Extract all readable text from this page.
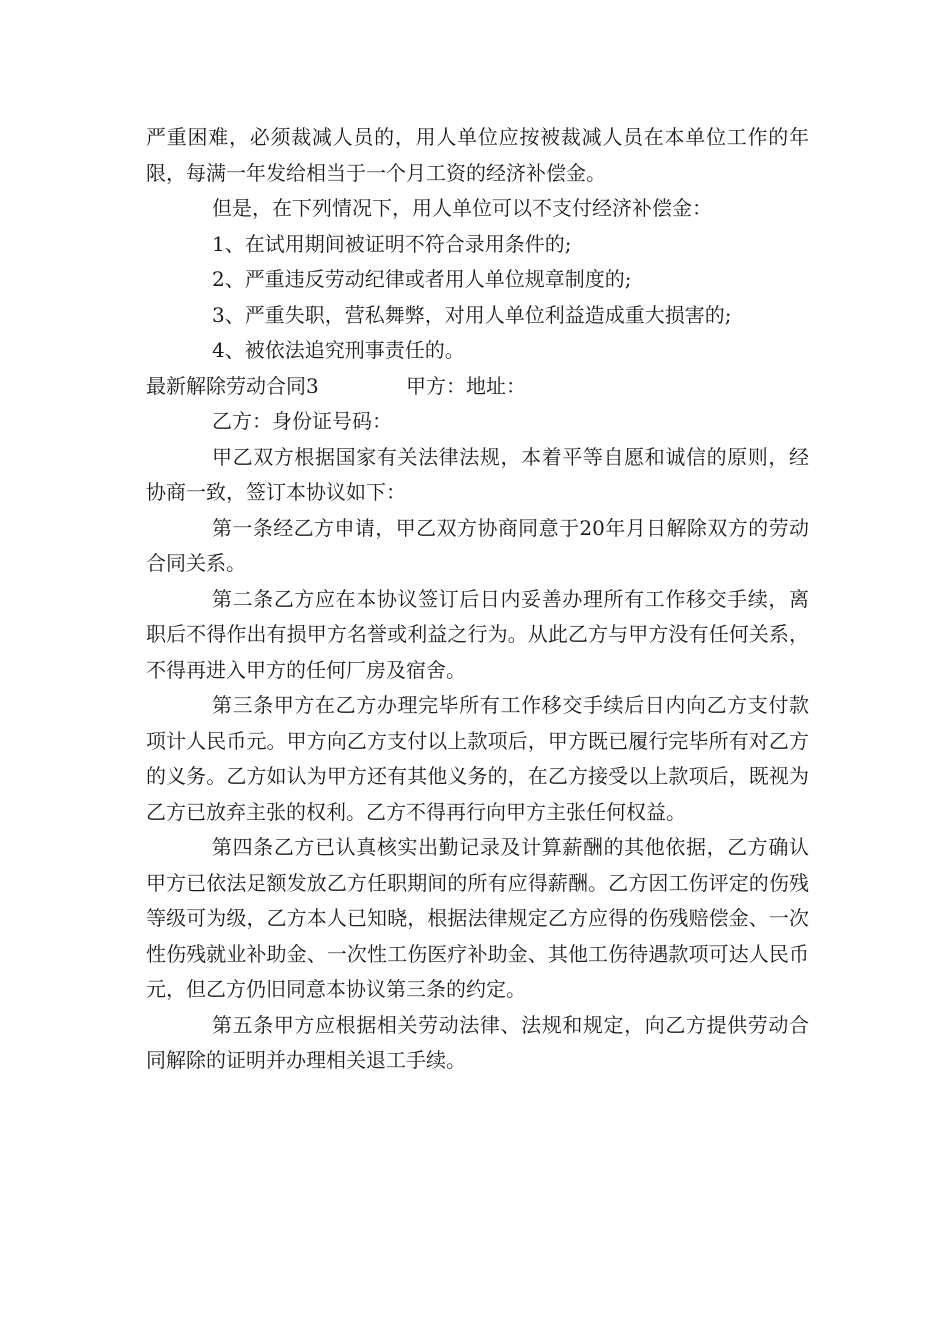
严重困难，必须裁减人员的，用人单位应按被裁减人员在本单位工作的年限，每满一年发给相当于一个月工资的经济补偿金。

但是，在下列情况下，用人单位可以不支付经济补偿金：

1、在试用期间被证明不符合录用条件的;

2、严重违反劳动纪律或者用人单位规章制度的;

3、严重失职，营私舞弊，对用人单位利益造成重大损害的;

4、被依法追究刑事责任的。

最新解除劳动合同3	甲方：地址：

乙方：身份证号码：

甲乙双方根据国家有关法律法规，本着平等自愿和诚信的原则，经协商一致，签订本协议如下：

第一条经乙方申请，甲乙双方协商同意于20年月日解除双方的劳动合同关系。

第二条乙方应在本协议签订后日内妥善办理所有工作移交手续，离职后不得作出有损甲方名誉或利益之行为。从此乙方与甲方没有任何关系，不得再进入甲方的任何厂房及宿舍。

第三条甲方在乙方办理完毕所有工作移交手续后日内向乙方支付款项计人民币元。甲方向乙方支付以上款项后，甲方既已履行完毕所有对乙方的义务。乙方如认为甲方还有其他义务的，在乙方接受以上款项后，既视为乙方已放弃主张的权利。乙方不得再行向甲方主张任何权益。

第四条乙方已认真核实出勤记录及计算薪酬的其他依据，乙方确认甲方已依法足额发放乙方任职期间的所有应得薪酬。乙方因工伤评定的伤残等级可为级，乙方本人已知晓，根据法律规定乙方应得的伤残赔偿金、一次性伤残就业补助金、一次性工伤医疗补助金、其他工伤待遇款项可达人民币元，但乙方仍旧同意本协议第三条的约定。

第五条甲方应根据相关劳动法律、法规和规定，向乙方提供劳动合同解除的证明并办理相关退工手续。
